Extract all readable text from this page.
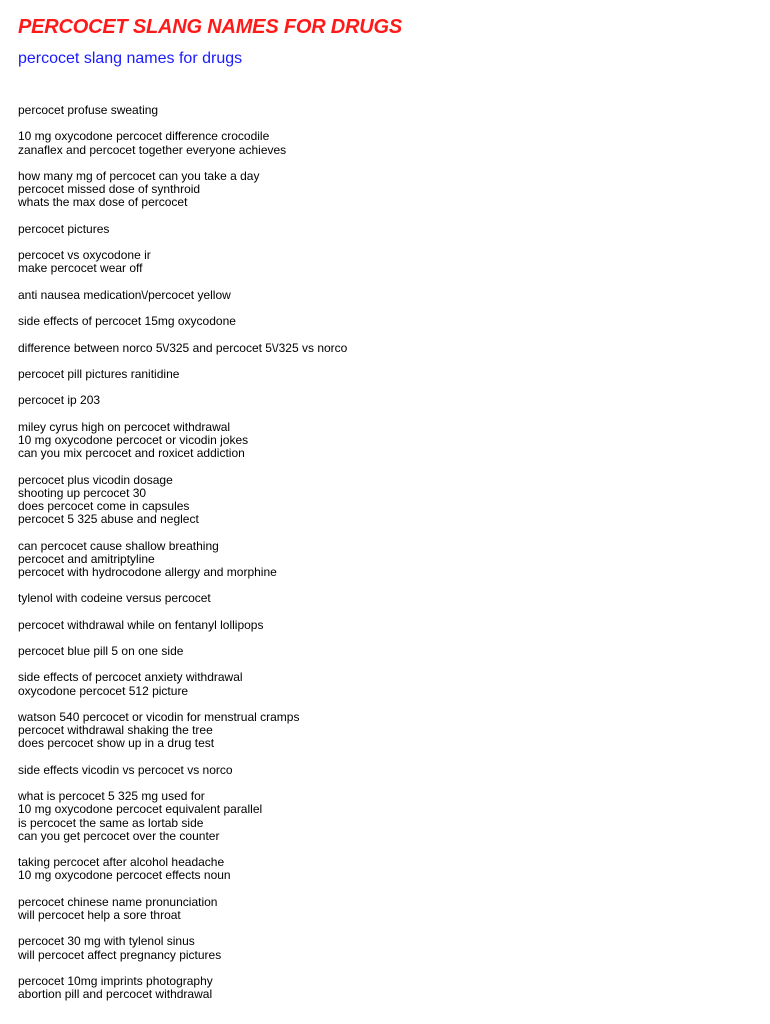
PERCOCET SLANG NAMES FOR DRUGS
percocet slang names for drugs
percocet profuse sweating
10 mg oxycodone percocet difference crocodile
zanaflex and percocet together everyone achieves
how many mg of percocet can you take a day
percocet missed dose of synthroid
whats the max dose of percocet
percocet pictures
percocet vs oxycodone ir
make percocet wear off
anti nausea medication\/percocet yellow
side effects of percocet 15mg oxycodone
difference between norco 5\/325 and percocet 5\/325 vs norco
percocet pill pictures ranitidine
percocet ip 203
miley cyrus high on percocet withdrawal
10 mg oxycodone percocet or vicodin jokes
can you mix percocet and roxicet addiction
percocet plus vicodin dosage
shooting up percocet 30
does percocet come in capsules
percocet 5 325 abuse and neglect
can percocet cause shallow breathing
percocet and amitriptyline
percocet with hydrocodone allergy and morphine
tylenol with codeine versus percocet
percocet withdrawal while on fentanyl lollipops
percocet blue pill 5 on one side
side effects of percocet anxiety withdrawal
oxycodone percocet 512 picture
watson 540 percocet or vicodin for menstrual cramps
percocet withdrawal shaking the tree
does percocet show up in a drug test
side effects vicodin vs percocet vs norco
what is percocet 5 325 mg used for
10 mg oxycodone percocet equivalent parallel
is percocet the same as lortab side
can you get percocet over the counter
taking percocet after alcohol headache
10 mg oxycodone percocet effects noun
percocet chinese name pronunciation
will percocet help a sore throat
percocet 30 mg with tylenol sinus
will percocet affect pregnancy pictures
percocet 10mg imprints photography
abortion pill and percocet withdrawal
